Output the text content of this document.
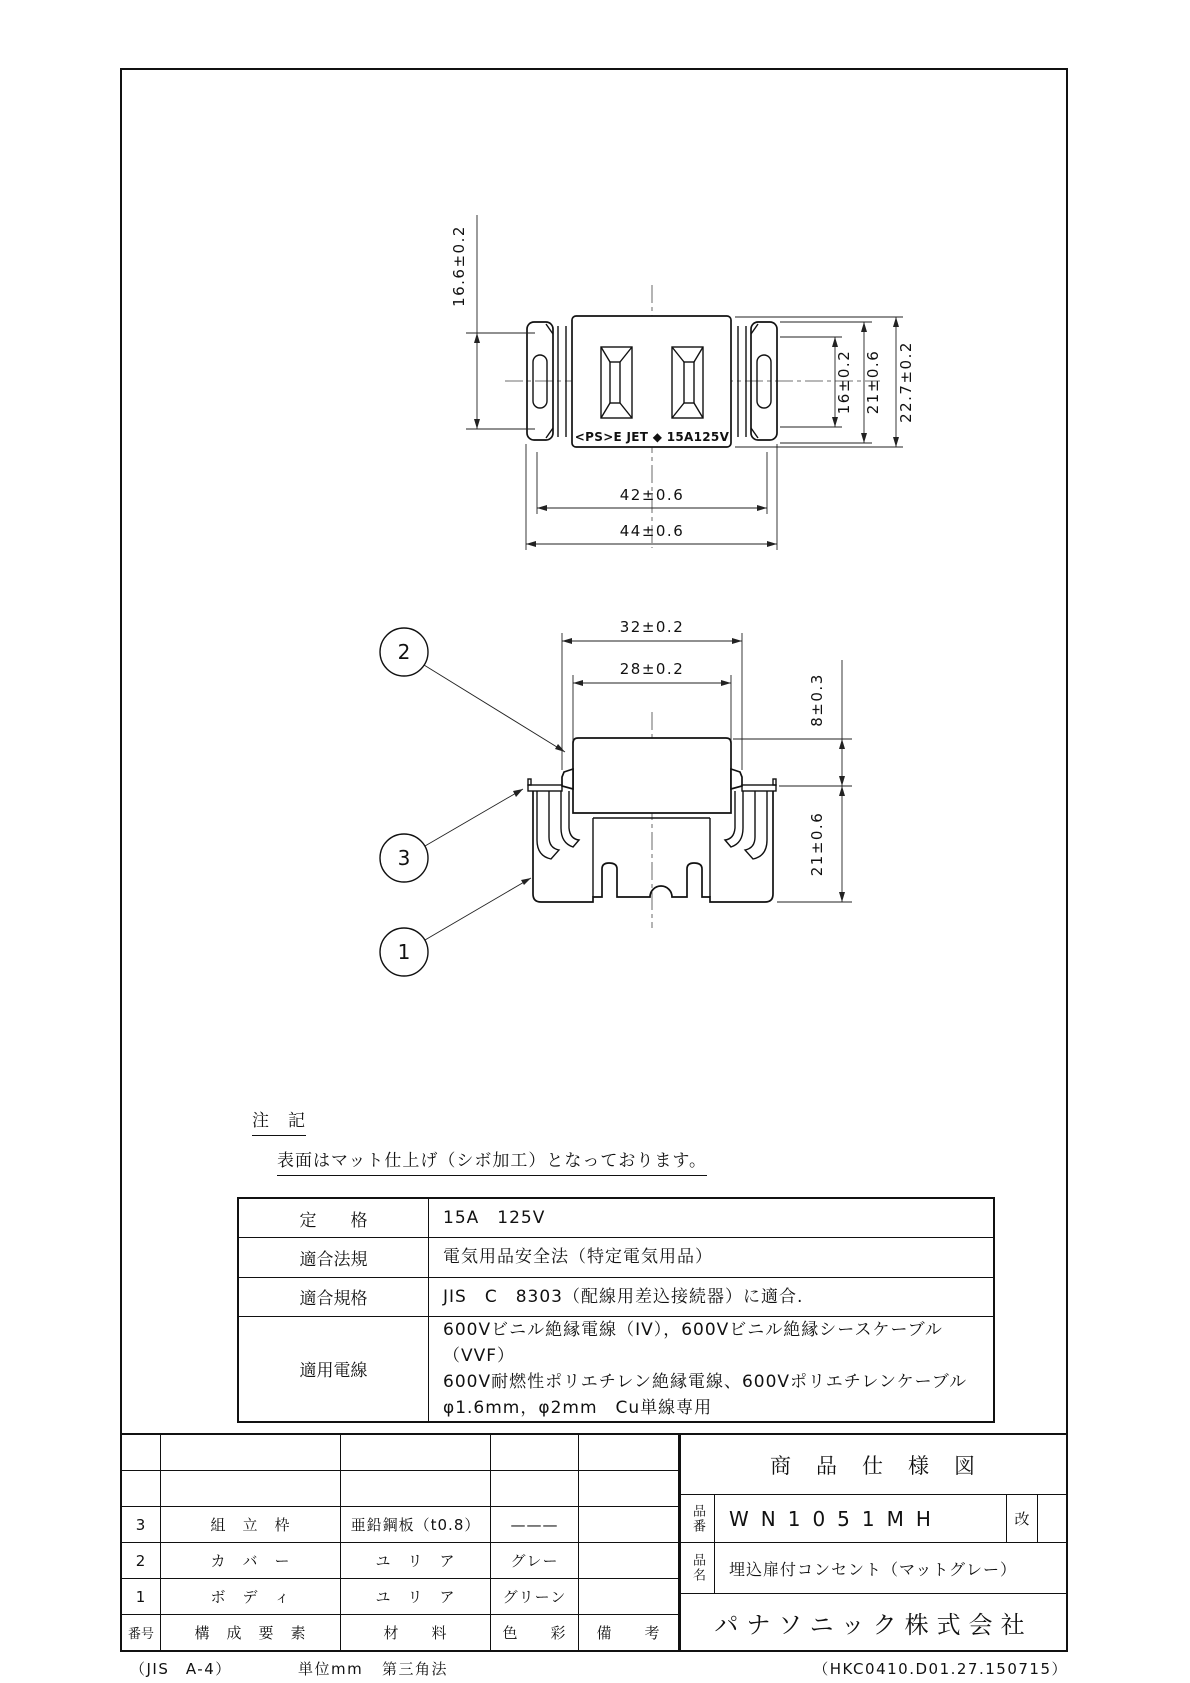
<PS>E JET ◆ 15A125V
16.6±0.2
16±0.2 21±0.6 22.7±0.2
42±0.6
44±0.6
32±0.2
28±0.2
8±0.3
21±0.6
2
3
1
注　記
表面はマット仕上げ（シボ加工）となっております。
定　　格	15A　125V
適合法規	電気用品安全法（特定電気用品）
適合規格	JIS　C　8303（配線用差込接続器）に適合.
適用電線
600Vビニル絶縁電線（IV），600Vビニル絶縁シースケーブル（VVF）
600V耐燃性ポリエチレン絶縁電線、600Vポリエチレンケーブル
φ1.6mm，φ2mm　Cu単線専用
3	組　立　枠	亜鉛鋼板（t0.8）	———
2	カ　バ　ー	ユ　リ　ア	グレー
1	ボ　デ　ィ	ユ　リ　ア	グリーン
番号	構　成　要　素	材　　料	色　　彩	備　　考
商　品　仕　様　図
品番	WN1051MH	改
品名	埋込扉付コンセント（マットグレー）
パナソニック株式会社
（JIS　A-4）	単位mm 第三角法	（HKC0410.D01.27.150715）
